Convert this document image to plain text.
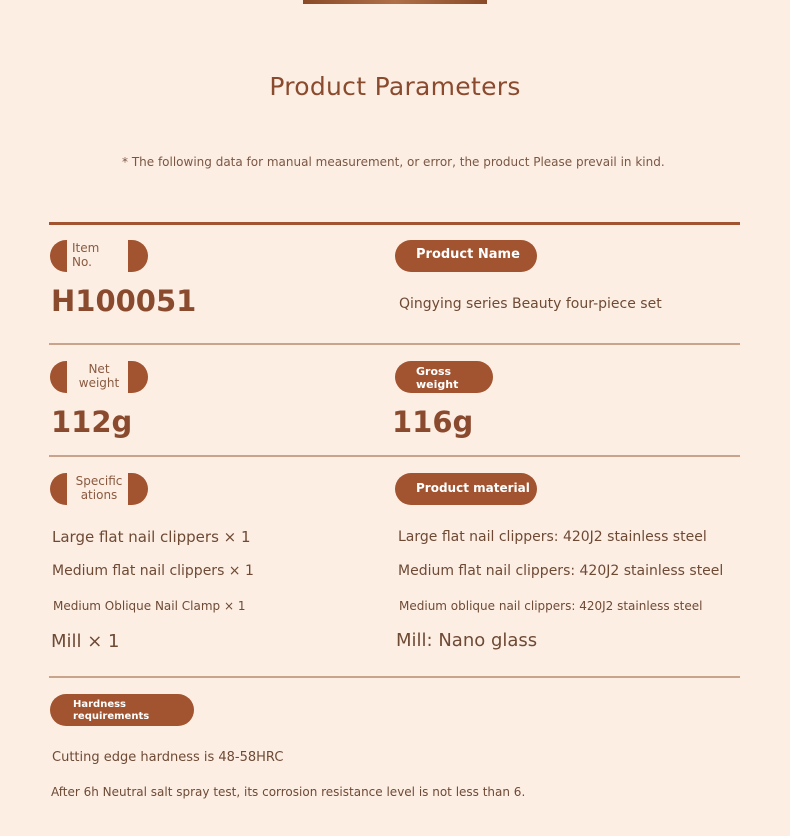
Product Parameters
* The following data for manual measurement, or error, the product Please prevail in kind.
Item
No.
H100051
Product Name
Qingying series Beauty four-piece set
Net
weight
112g
Gross
weight
116g
Specific
ations
Large flat nail clippers × 1
Medium flat nail clippers × 1
Medium Oblique Nail Clamp × 1
Mill × 1
Product material
Large flat nail clippers: 420J2 stainless steel
Medium flat nail clippers: 420J2 stainless steel
Medium oblique nail clippers: 420J2 stainless steel
Mill: Nano glass
Hardness
requirements
Cutting edge hardness is 48-58HRC
After 6h Neutral salt spray test, its corrosion resistance level is not less than 6.
